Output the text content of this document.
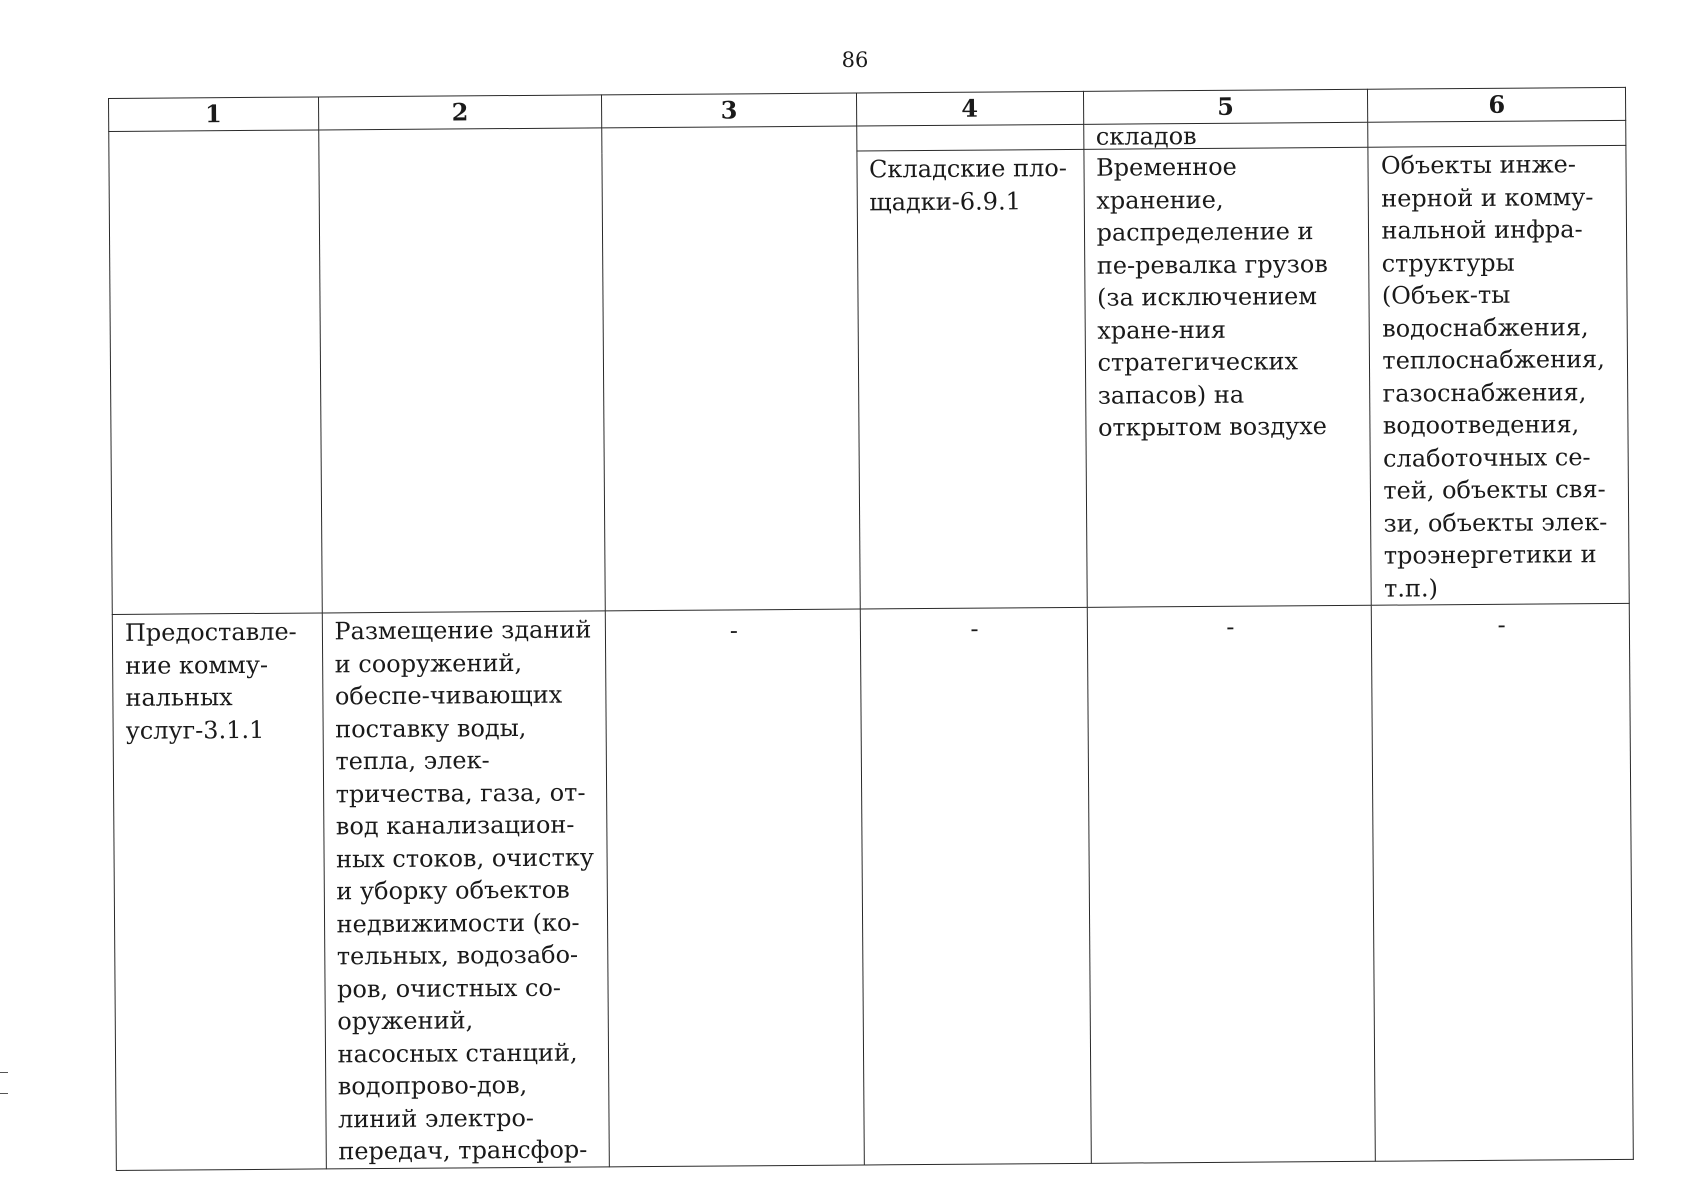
86
1	2	3	4	5	6
				складов	
			Складские пло-щадки-6.9.1	Временное хранение, распределение и пе-ревалка грузов (за исключением хране-ния стратегических запасов) на открытом воздухе	Объекты инже-нерной и комму-нальной инфра-структуры (Объек-ты водоснабжения, теплоснабжения, газоснабжения, водоотведения, слаботочных се-тей, объекты свя-зи, объекты элек-троэнергетики и т.п.)
Предоставле-ние комму-нальных услуг-3.1.1	Размещение зданий и сооружений, обеспе-чивающих поставку воды, тепла, элек-тричества, газа, от-вод канализацион-ных стоков, очистку и уборку объектов недвижимости (ко-тельных, водозабо-ров, очистных со-оружений, насосных станций, водопрово-дов, линий электро-передач, трансфор-	-	-	-	-
